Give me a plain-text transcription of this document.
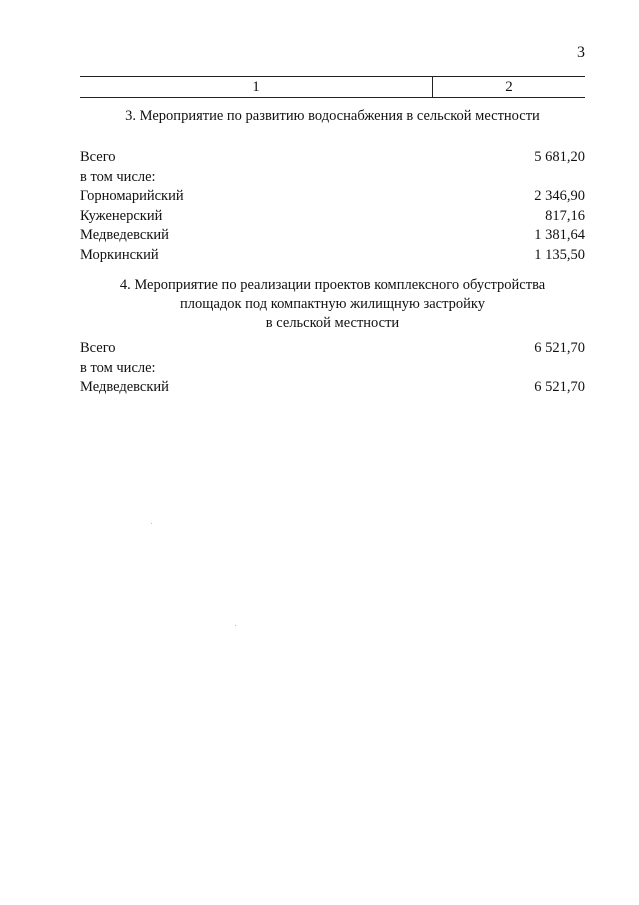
3
1	2
3. Мероприятие по развитию водоснабжения в сельской местности
Всего	5 681,20
в том числе:
Горномарийский	2 346,90
Куженерский	817,16
Медведевский	1 381,64
Моркинский	1 135,50
4. Мероприятие по реализации проектов комплексного обустройства
площадок под компактную жилищную застройку
в сельской местности
Всего	6 521,70
в том числе:
Медведевский	6 521,70
